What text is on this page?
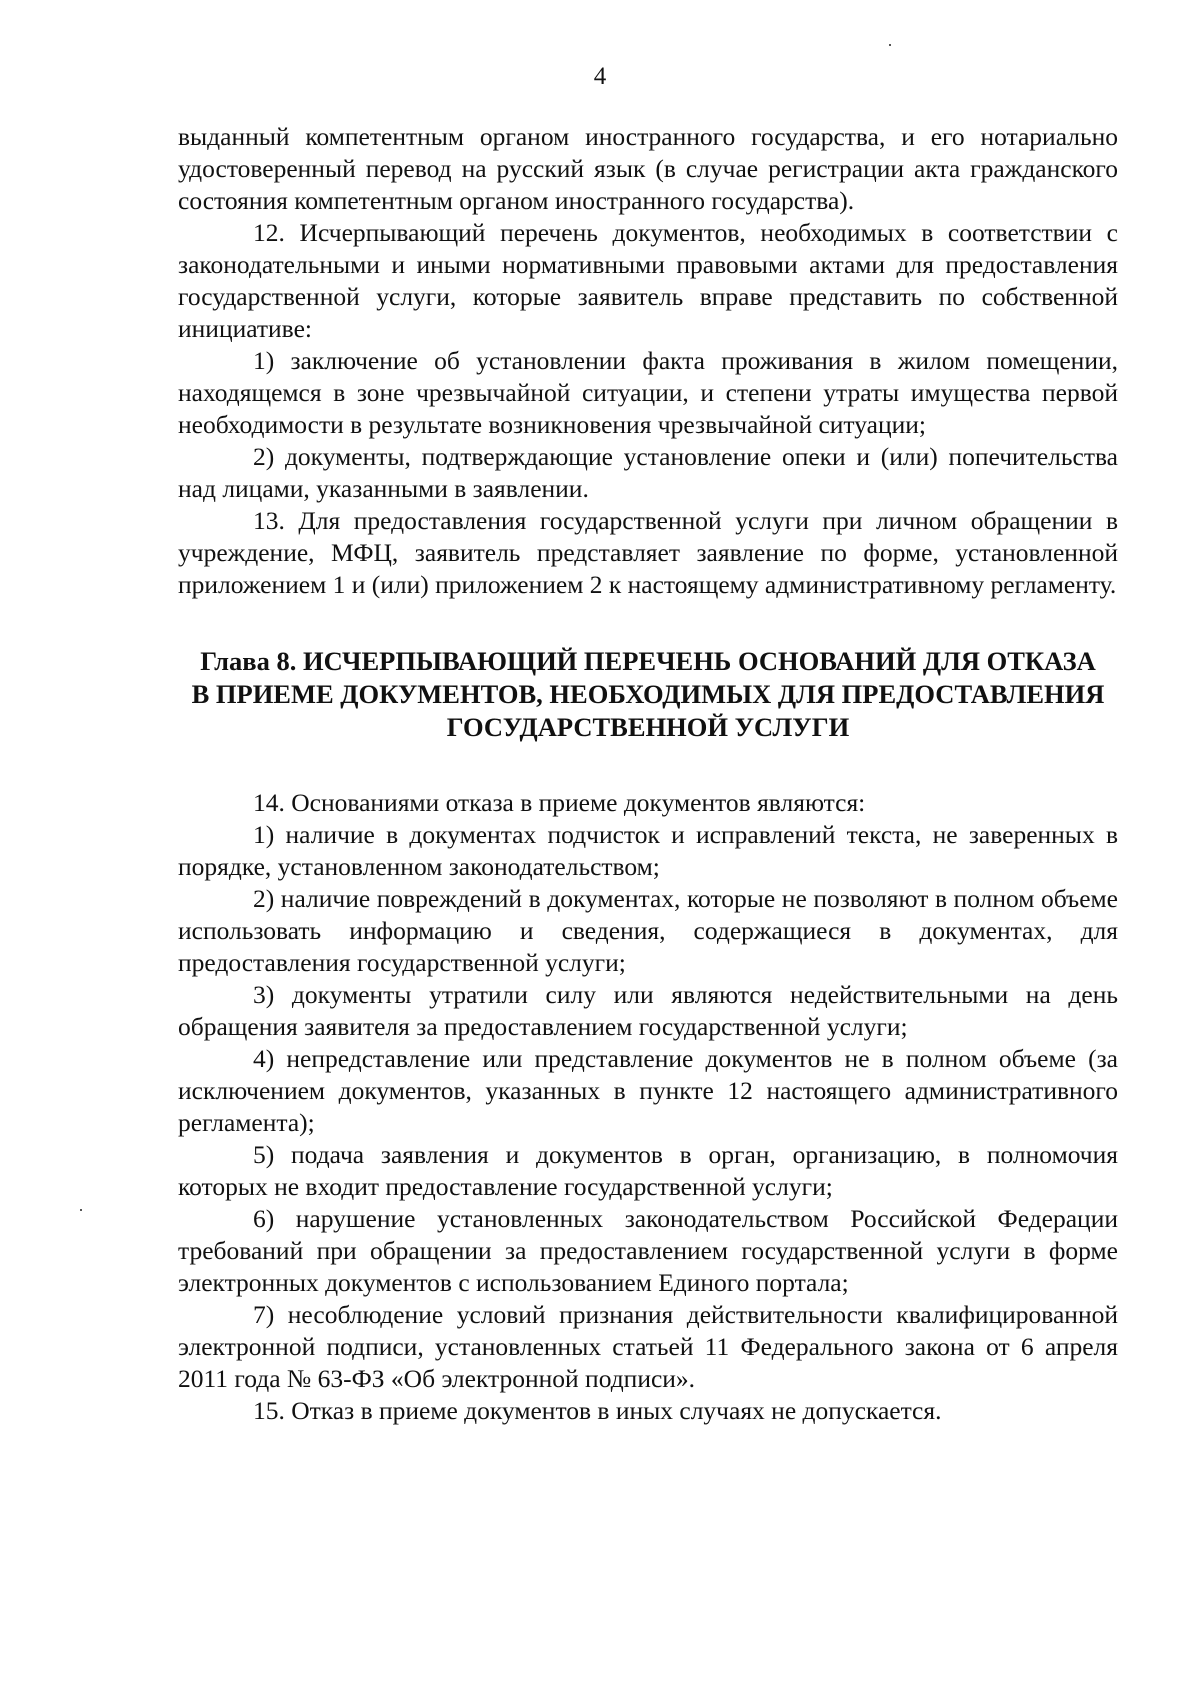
4

выданный компетентным органом иностранного государства, и его нотариально удостоверенный перевод на русский язык (в случае регистрации акта гражданского состояния компетентным органом иностранного государства).

12. Исчерпывающий перечень документов, необходимых в соответствии с законодательными и иными нормативными правовыми актами для предоставления государственной услуги, которые заявитель вправе представить по собственной инициативе:

1) заключение об установлении факта проживания в жилом помещении, находящемся в зоне чрезвычайной ситуации, и степени утраты имущества первой необходимости в результате возникновения чрезвычайной ситуации;

2) документы, подтверждающие установление опеки и (или) попечительства над лицами, указанными в заявлении.

13. Для предоставления государственной услуги при личном обращении в учреждение, МФЦ, заявитель представляет заявление по форме, установленной приложением 1 и (или) приложением 2 к настоящему административному регламенту.

Глава 8. ИСЧЕРПЫВАЮЩИЙ ПЕРЕЧЕНЬ ОСНОВАНИЙ ДЛЯ ОТКАЗА
В ПРИЕМЕ ДОКУМЕНТОВ, НЕОБХОДИМЫХ ДЛЯ ПРЕДОСТАВЛЕНИЯ
ГОСУДАРСТВЕННОЙ УСЛУГИ

14. Основаниями отказа в приеме документов являются:

1) наличие в документах подчисток и исправлений текста, не заверенных в порядке, установленном законодательством;

2) наличие повреждений в документах, которые не позволяют в полном объеме использовать информацию и сведения, содержащиеся в документах, для предоставления государственной услуги;

3) документы утратили силу или являются недействительными на день обращения заявителя за предоставлением государственной услуги;

4) непредставление или представление документов не в полном объеме (за исключением документов, указанных в пункте 12 настоящего административного регламента);

5) подача заявления и документов в орган, организацию, в полномочия которых не входит предоставление государственной услуги;

6) нарушение установленных законодательством Российской Федерации требований при обращении за предоставлением государственной услуги в форме электронных документов с использованием Единого портала;

7) несоблюдение условий признания действительности квалифицированной электронной подписи, установленных статьей 11 Федерального закона от 6 апреля 2011 года № 63-ФЗ «Об электронной подписи».

15. Отказ в приеме документов в иных случаях не допускается.
